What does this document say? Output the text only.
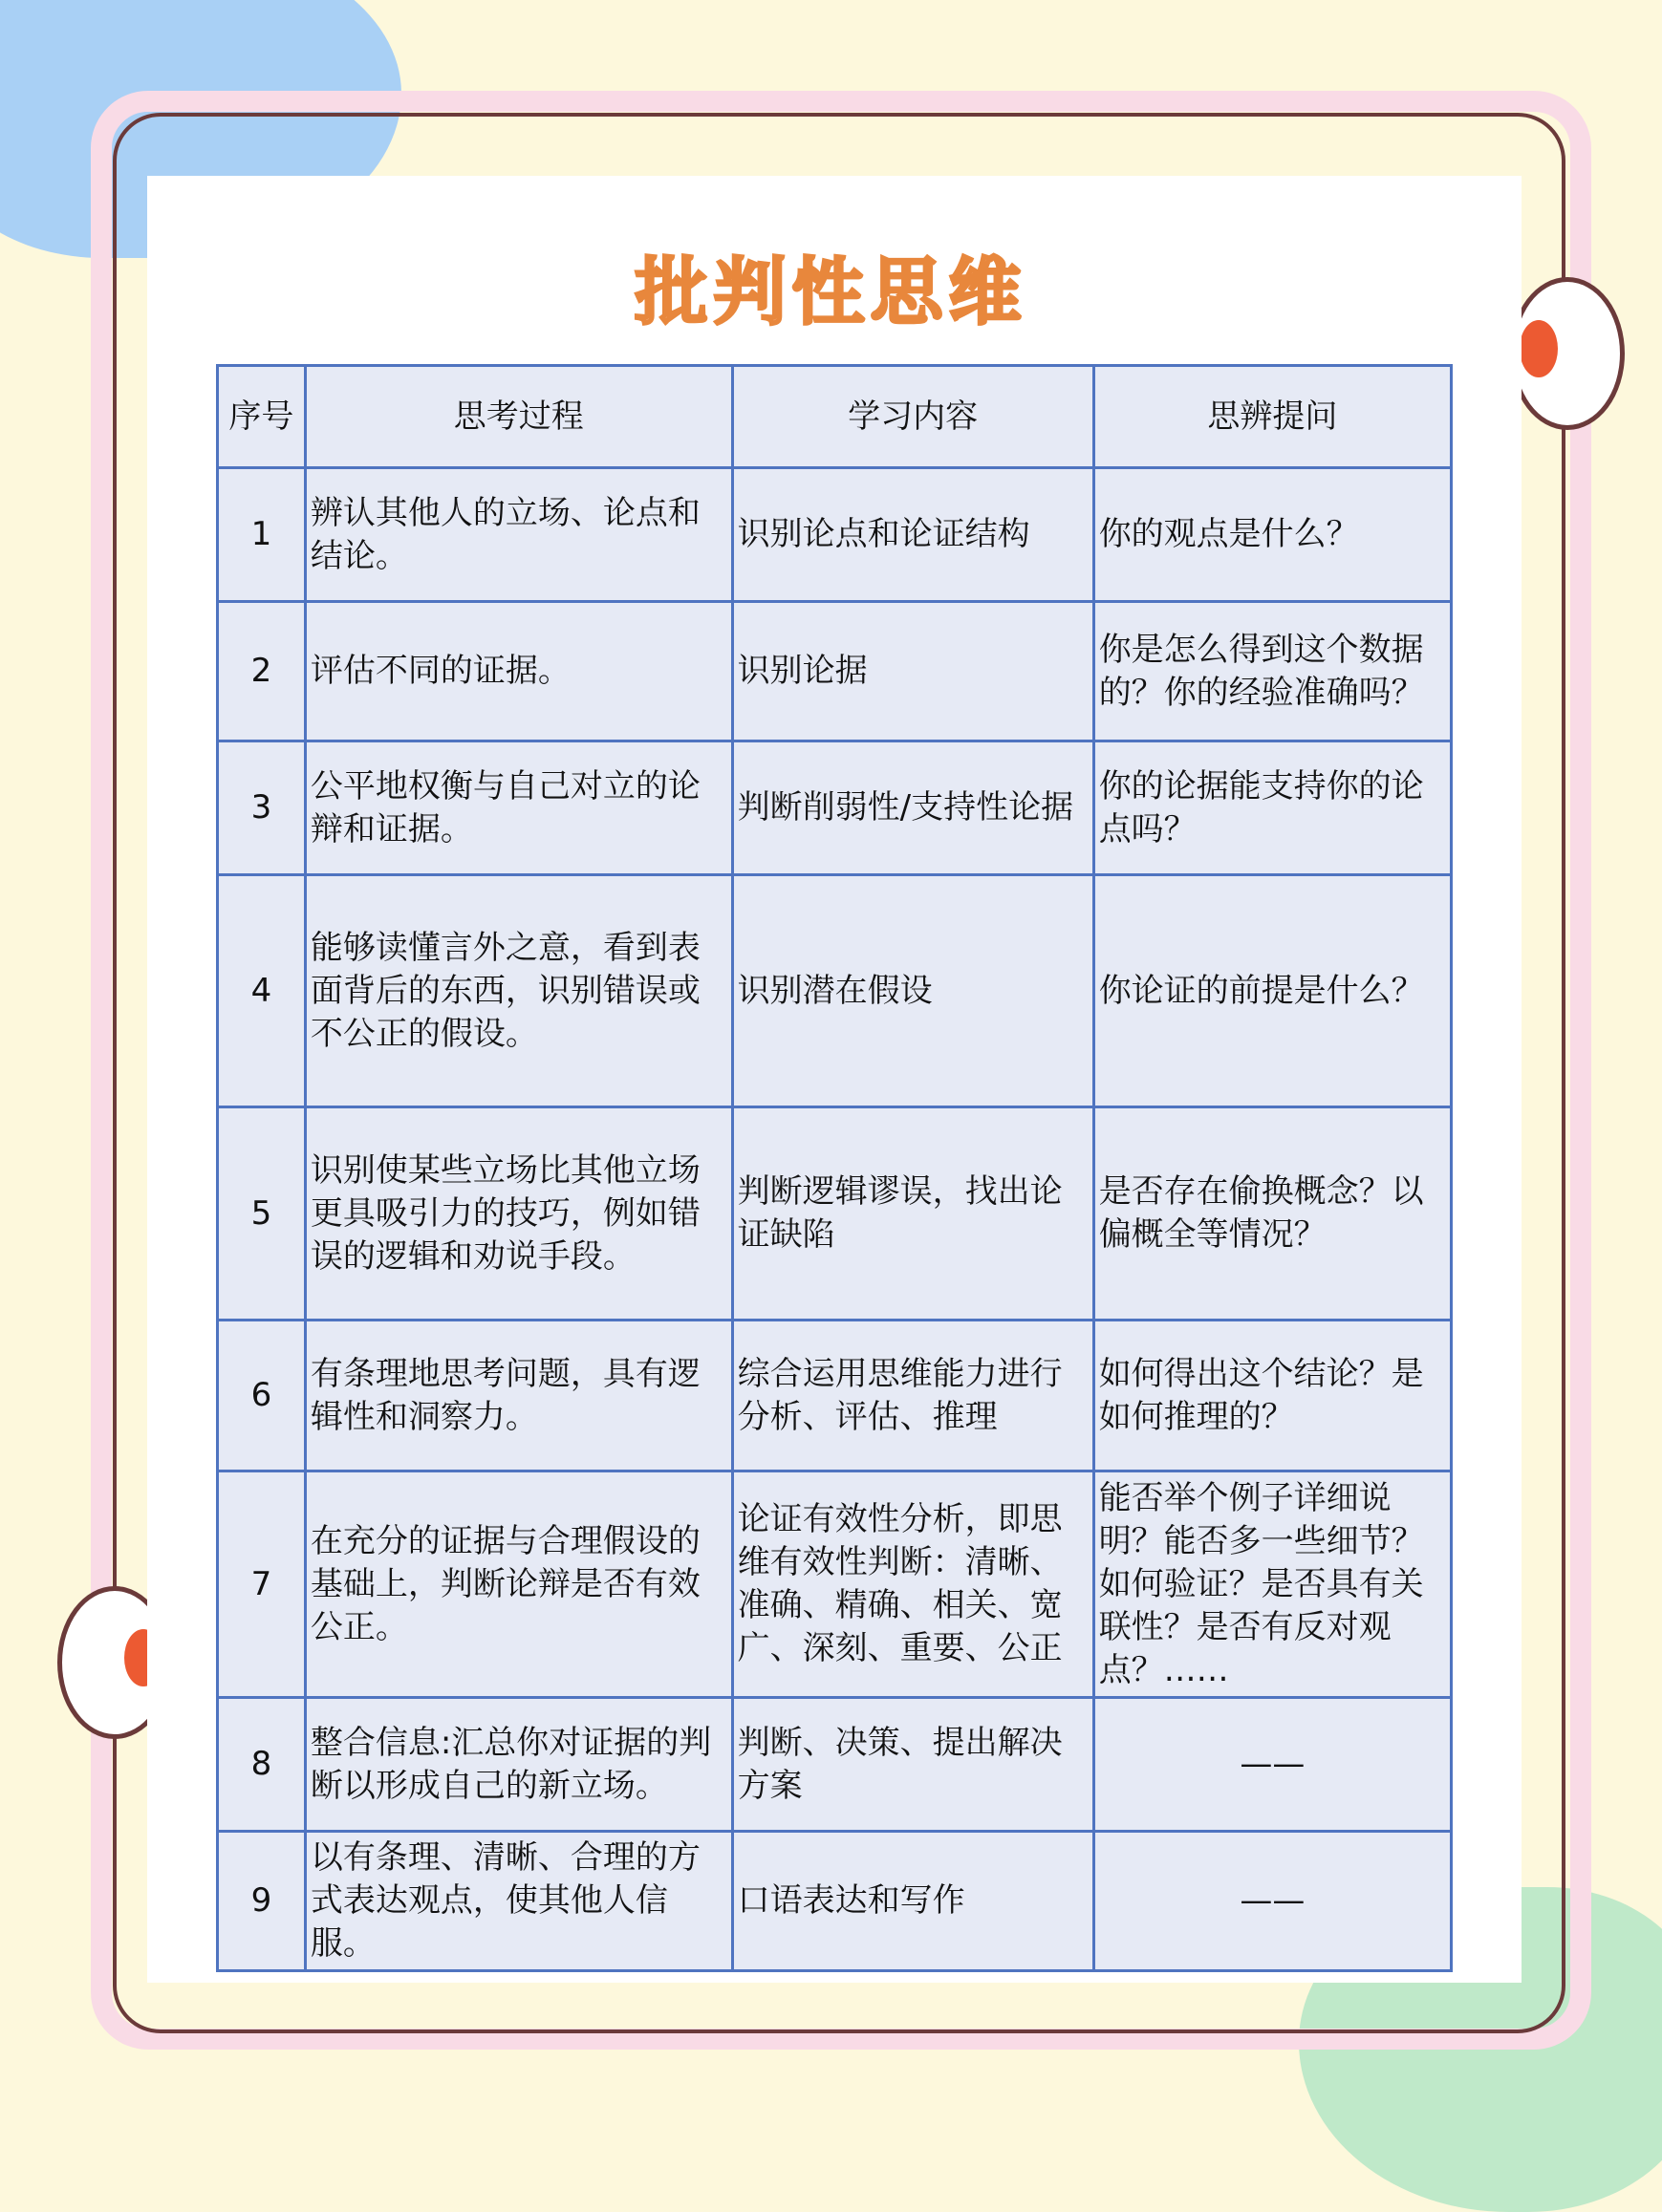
批判性思维
序号	思考过程	学习内容	思辨提问
1	辨认其他人的立场、论点和结论。	识别论点和论证结构	你的观点是什么？
2	评估不同的证据。	识别论据	你是怎么得到这个数据的？你的经验准确吗？
3	公平地权衡与自己对立的论辩和证据。	判断削弱性/支持性论据	你的论据能支持你的论点吗？
4	能够读懂言外之意，看到表面背后的东西，识别错误或不公正的假设。	识别潜在假设	你论证的前提是什么？
5	识别使某些立场比其他立场更具吸引力的技巧，例如错误的逻辑和劝说手段。	判断逻辑谬误，找出论证缺陷	是否存在偷换概念？以偏概全等情况？
6	有条理地思考问题，具有逻辑性和洞察力。	综合运用思维能力进行分析、评估、推理	如何得出这个结论？是如何推理的？
7	在充分的证据与合理假设的基础上，判断论辩是否有效公正。	论证有效性分析，即思维有效性判断：清晰、准确、精确、相关、宽广、深刻、重要、公正	能否举个例子详细说明？能否多一些细节？如何验证？是否具有关联性？是否有反对观点？……
8	整合信息:汇总你对证据的判断以形成自己的新立场。	判断、决策、提出解决方案	——
9	以有条理、清晰、合理的方式表达观点，使其他人信服。	口语表达和写作	——
